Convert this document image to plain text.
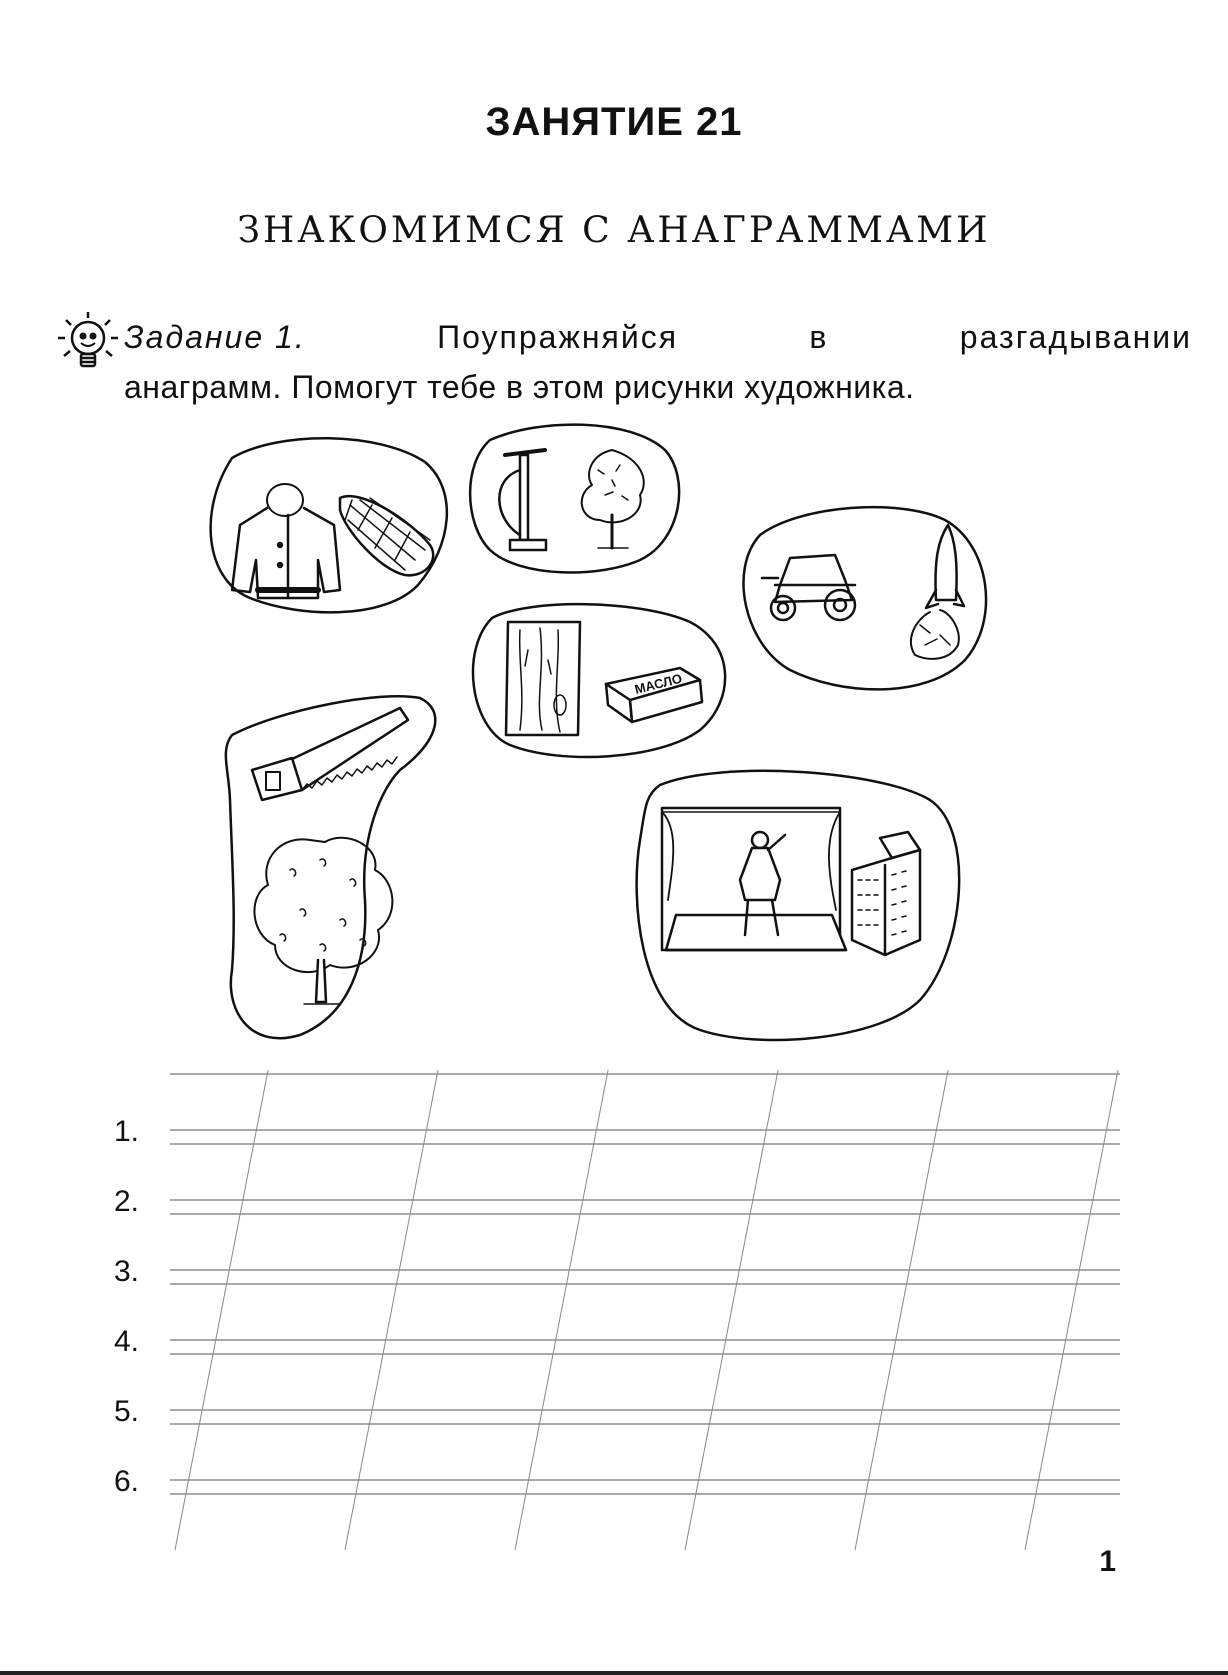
ЗАНЯТИЕ 21
ЗНАКОМИМСЯ С АНАГРАММАМИ
Задание 1.	Поупражняйся	в	разгадывании
анаграмм. Помогут тебе в этом рисунки художника.
МАСЛО
1.
2.
3.
4.
5.
6.
1
